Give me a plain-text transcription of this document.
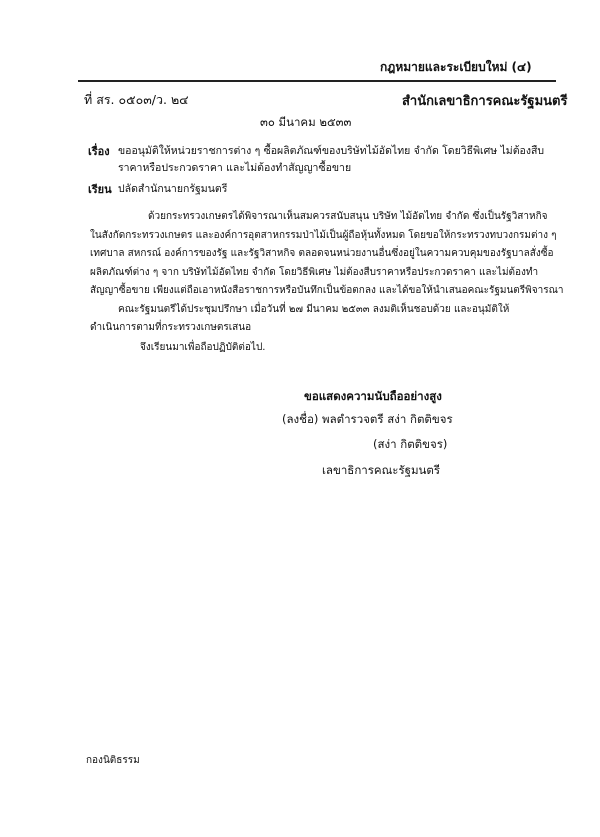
กฎหมายและระเบียบใหม่ (๔)
ที่ สร. ๐๕๐๓/ว. ๒๔	สำนักเลขาธิการคณะรัฐมนตรี
๓๐ มีนาคม ๒๕๓๓
เรื่อง ขออนุมัติให้หน่วยราชการต่าง ๆ ซื้อผลิตภัณฑ์ของบริษัทไม้อัดไทย จำกัด โดยวิธีพิเศษ ไม่ต้องสืบ
ราคาหรือประกวดราคา และไม่ต้องทำสัญญาซื้อขาย
เรียน ปลัดสำนักนายกรัฐมนตรี
ด้วยกระทรวงเกษตรได้พิจารณาเห็นสมควรสนับสนุน บริษัท ไม้อัดไทย จำกัด ซึ่งเป็นรัฐวิสาหกิจ
ในสังกัดกระทรวงเกษตร และองค์การอุตสาหกรรมป่าไม้เป็นผู้ถือหุ้นทั้งหมด โดยขอให้กระทรวงทบวงกรมต่าง ๆ
เทศบาล สหกรณ์ องค์การของรัฐ และรัฐวิสาหกิจ ตลอดจนหน่วยงานอื่นซึ่งอยู่ในความควบคุมของรัฐบาลสั่งซื้อ
ผลิตภัณฑ์ต่าง ๆ จาก บริษัทไม้อัดไทย จำกัด โดยวิธีพิเศษ ไม่ต้องสืบราคาหรือประกวดราคา และไม่ต้องทำ
สัญญาซื้อขาย เพียงแต่ถือเอาหนังสือราชการหรือบันทึกเป็นข้อตกลง และได้ขอให้นำเสนอคณะรัฐมนตรีพิจารณา
คณะรัฐมนตรีได้ประชุมปรึกษา เมื่อวันที่ ๒๗ มีนาคม ๒๕๓๓ ลงมติเห็นชอบด้วย และอนุมัติให้
ดำเนินการตามที่กระทรวงเกษตรเสนอ
จึงเรียนมาเพื่อถือปฏิบัติต่อไป.
ขอแสดงความนับถืออย่างสูง
(ลงชื่อ) พลตำรวจตรี สง่า กิตติขจร
(สง่า กิตติขจร)
เลขาธิการคณะรัฐมนตรี
กองนิติธรรม
